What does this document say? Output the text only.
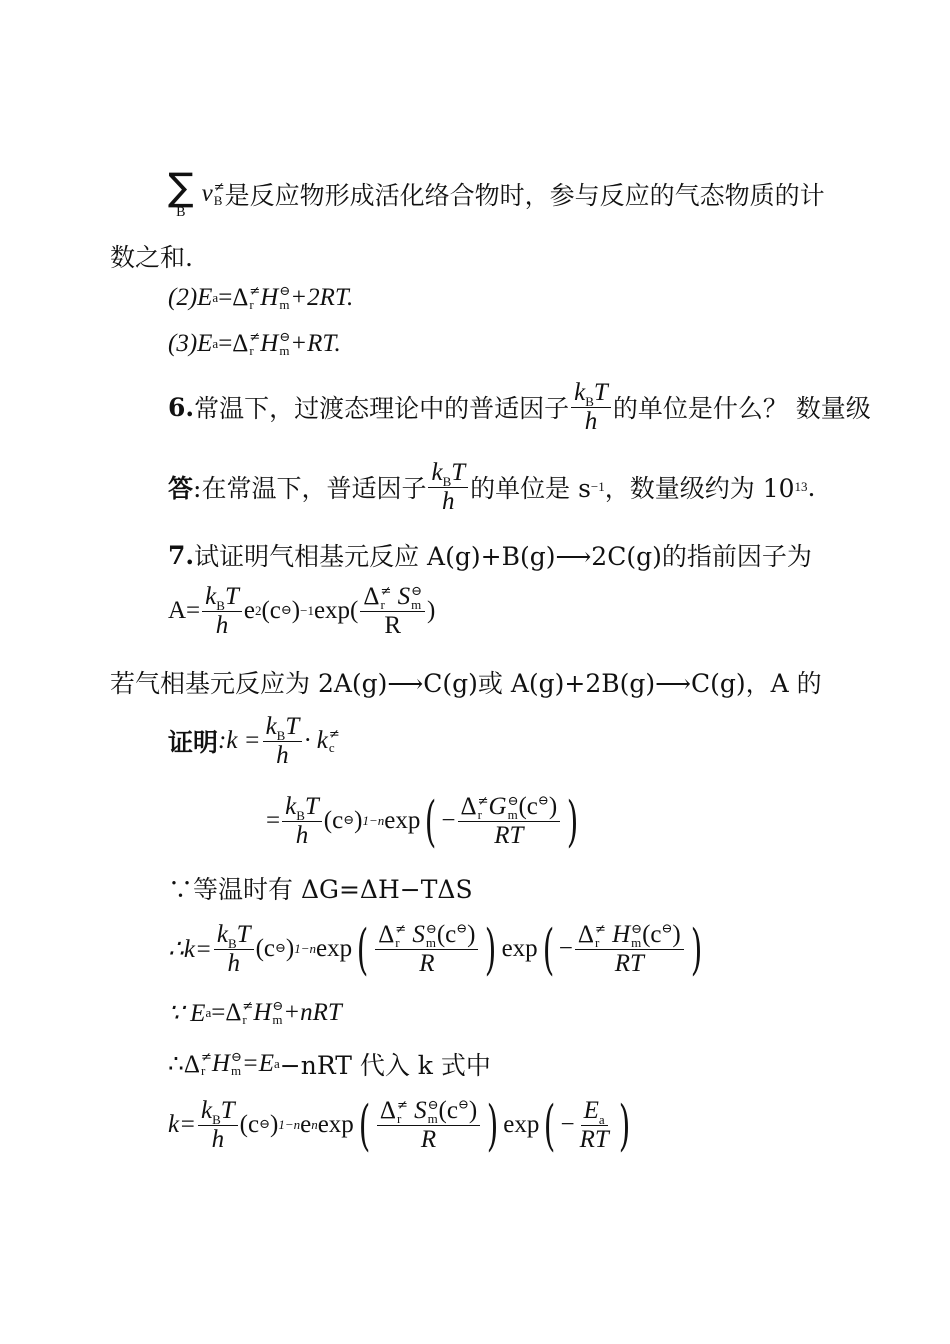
∑
B
ν ≠
B 是反应物形成活化络合物时，参与反应的气态物质的计
数之和.
(2)E a =Δ ≠
r H ⊖
m +2RT.
(3)E a =Δ ≠
r H ⊖
m +RT.
6. 常温下，过渡态理论中的普适因子 $\frac{k_BT}{h}$ 的单位是什么？ 数量级
答 :在常温下，普适因子 $\frac{k_BT}{h}$ 的单位是 s −1 ，数量级约为 10 13 .
7. 试证明气相基元反应 A(g)+B(g)⟶2C(g)的指前因子为
$A= \frac{k_BT}{h}$ e 2 (c ⊖ ) −1 exp( Δ ≠
r S ⊖
m
R )
若气相基元反应为 2A(g)⟶C(g)或 A(g)+2B(g)⟶C(g)，A 的
证明 :k = $\frac{k_BT}{h} \cdot k$ ≠
c
= $\frac{k_BT}{h} (c$ ⊖ ) 1−n exp ( − Δ ≠
r G ⊖
m (c⊖)
RT )
∵等温时有 ΔG=ΔH−TΔS
∴k= $\frac{k_BT}{h} (c$ ⊖ ) 1−n exp ( Δ ≠
r S ⊖
m (c⊖)
R ) exp ( − Δ ≠
r H ⊖
m (c⊖)
RT )
∵ E a =Δ ≠
r H ⊖
m +nRT
∴Δ ≠
r H ⊖
m =E a −nRT 代入 k 式中
$k= \frac{k_BT}{h} (c$ ⊖ ) 1−n e n exp ( Δ ≠
r S ⊖
m (c⊖)
R ) exp ( − $\frac{E_a}{RT}$ )
